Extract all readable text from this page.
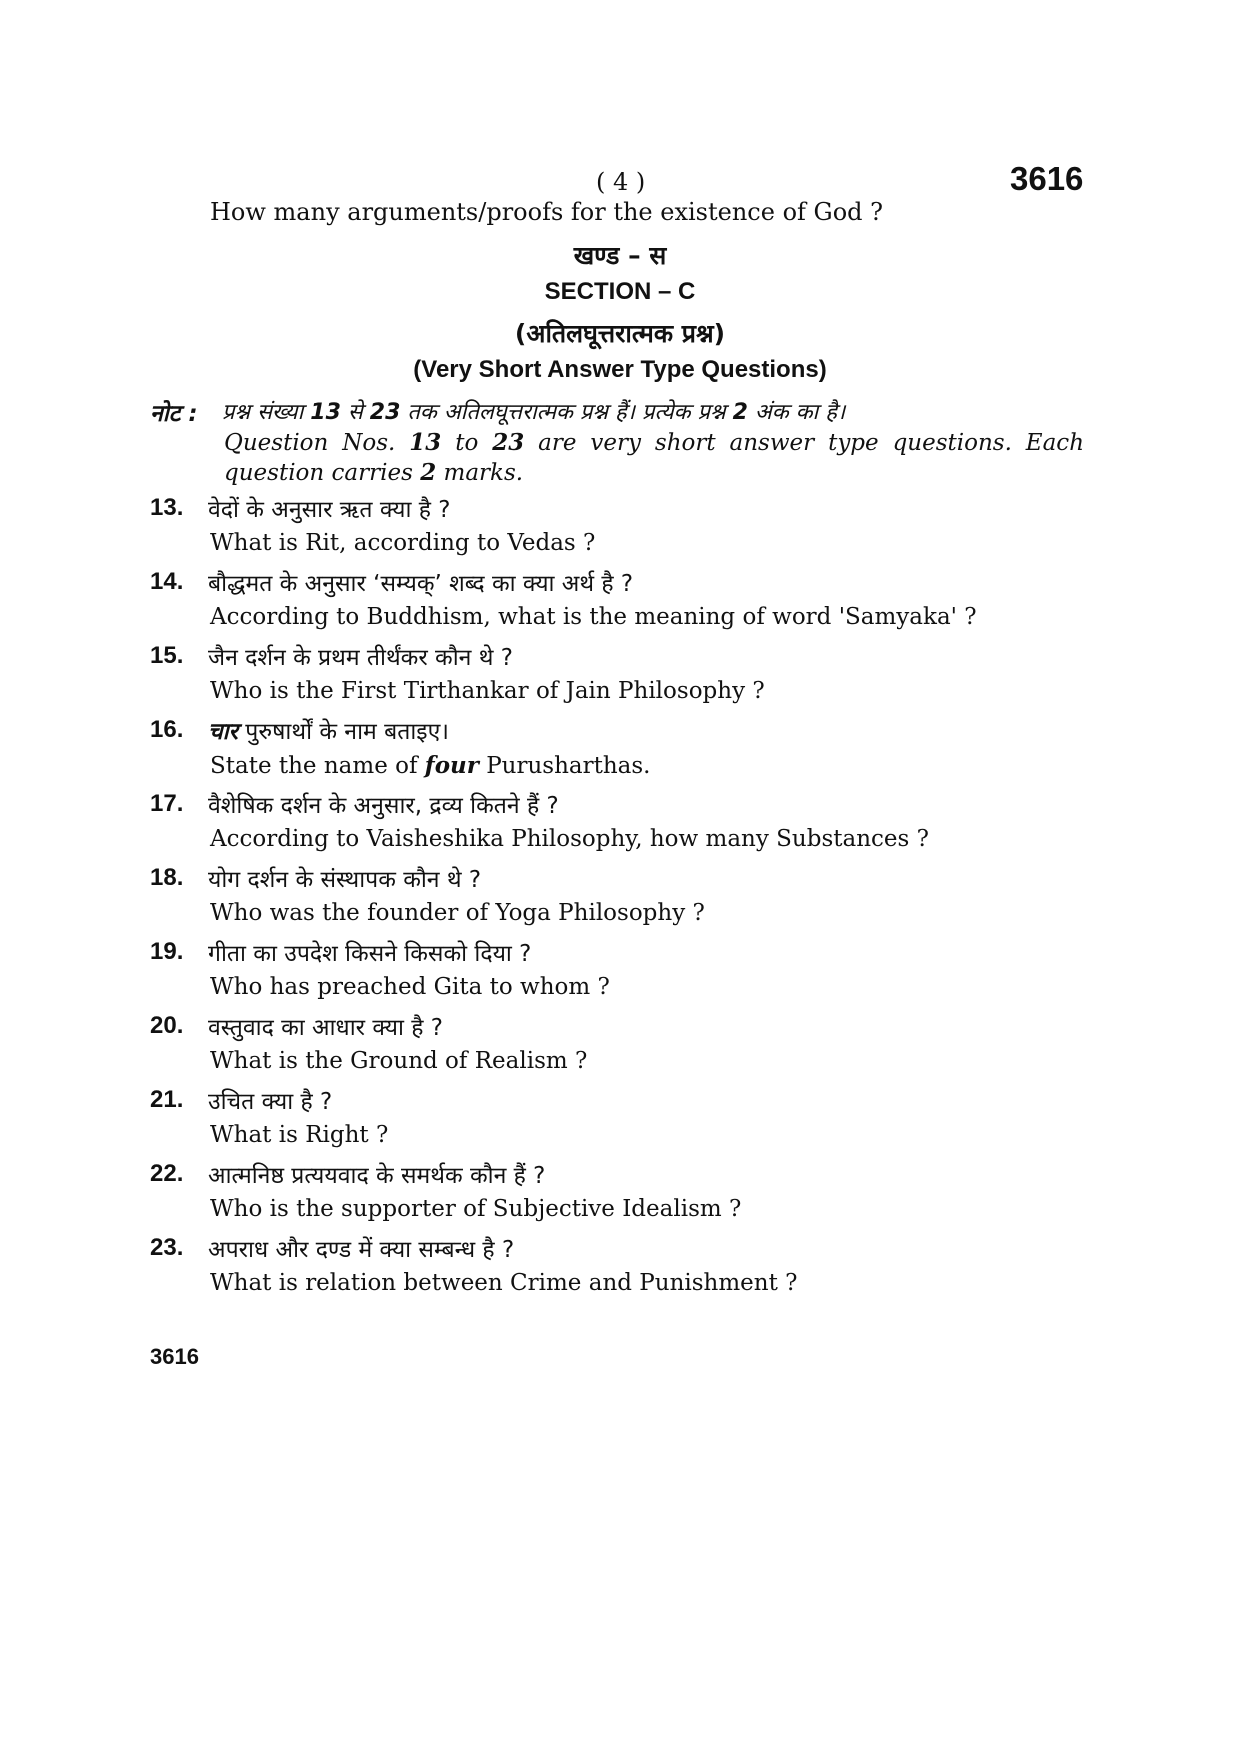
( 4 )	3616
How many arguments/proofs for the existence of God ?
खण्ड – स
SECTION – C
(अतिलघूत्तरात्मक प्रश्न)
(Very Short Answer Type Questions)
नोट : प्रश्न संख्या 13 से 23 तक अतिलघूत्तरात्मक प्रश्न हैं। प्रत्येक प्रश्न 2 अंक का है।
Question Nos. 13 to 23 are very short answer type questions. Each question carries 2 marks.
13. वेदों के अनुसार ऋत क्या है ?
What is Rit, according to Vedas ?
14. बौद्धमत के अनुसार ‘सम्यक्’ शब्द का क्या अर्थ है ?
According to Buddhism, what is the meaning of word 'Samyaka' ?
15. जैन दर्शन के प्रथम तीर्थंकर कौन थे ?
Who is the First Tirthankar of Jain Philosophy ?
16. चार पुरुषार्थों के नाम बताइए।
State the name of four Purusharthas.
17. वैशेषिक दर्शन के अनुसार, द्रव्य कितने हैं ?
According to Vaisheshika Philosophy, how many Substances ?
18. योग दर्शन के संस्थापक कौन थे ?
Who was the founder of Yoga Philosophy ?
19. गीता का उपदेश किसने किसको दिया ?
Who has preached Gita to whom ?
20. वस्तुवाद का आधार क्या है ?
What is the Ground of Realism ?
21. उचित क्या है ?
What is Right ?
22. आत्मनिष्ठ प्रत्ययवाद के समर्थक कौन हैं ?
Who is the supporter of Subjective Idealism ?
23. अपराध और दण्ड में क्या सम्बन्ध है ?
What is relation between Crime and Punishment ?
3616
